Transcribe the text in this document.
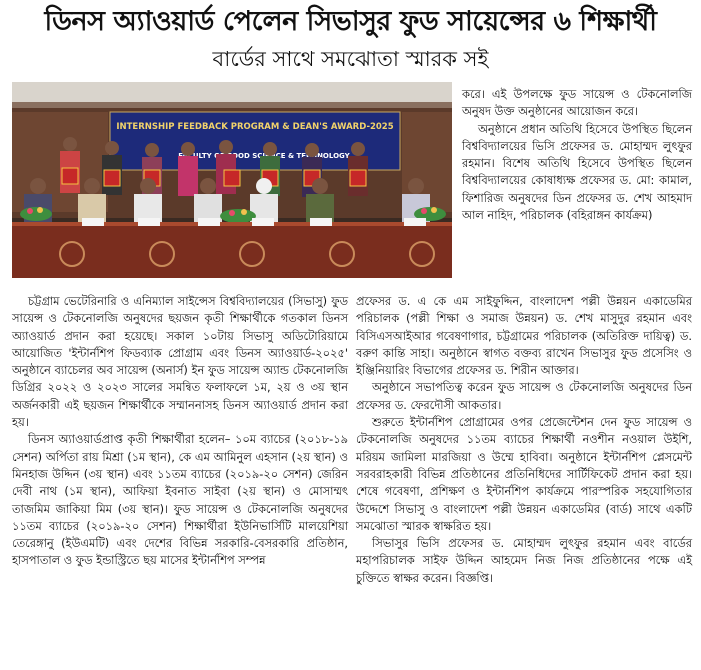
ডিনস অ্যাওয়ার্ড পেলেন সিভাসুর ফুড সায়েন্সের ৬ শিক্ষার্থী
বার্ডের সাথে সমঝোতা স্মারক সই
INTERNSHIP FEEDBACK PROGRAM & DEAN'S AWARD-2025
FOOD & TECHNOLOGY

করে। এই উপলক্ষে ফুড সায়েন্স ও টেকনোলজি অনুষদ উক্ত অনুষ্ঠানের আয়োজন করে।

অনুষ্ঠানে প্রধান অতিথি হিসেবে উপস্থিত ছিলেন বিশ্ববিদ্যালয়ের ভিসি প্রফেসর ড. মোহাম্মদ লুৎফুর রহমান। বিশেষ অতিথি হিসেবে উপস্থিত ছিলেন বিশ্ববিদ্যালয়ের কোষাধ্যক্ষ প্রফেসর ড. মো: কামাল, ফিশারিজ অনুষদের ডিন প্রফেসর ড. শেখ আহমাদ আল নাহিদ, পরিচালক (বহিরাঙ্গন কার্যক্রম)

চট্টগ্রাম ভেটেরিনারি ও এনিম্যাল সাইন্সেস বিশ্ববিদ্যালয়ের (সিভাসু) ফুড সায়েন্স ও টেকনোলজি অনুষদের ছয়জন কৃতী শিক্ষার্থীকে গতকাল ডিনস অ্যাওয়ার্ড প্রদান করা হয়েছে। সকাল ১০টায় সিভাসু অডিটোরিয়ামে আয়োজিত 'ইন্টার্নশিপ ফিডব্যাক প্রোগ্রাম এবং ডিনস অ্যাওয়ার্ড-২০২৫' অনুষ্ঠানে ব্যাচেলর অব সায়েন্স (অনার্স) ইন ফুড সায়েন্স অ্যান্ড টেকনোলজি ডিগ্রির ২০২২ ও ২০২৩ সালের সমন্বিত ফলাফলে ১ম, ২য় ও ৩য় স্থান অর্জনকারী এই ছয়জন শিক্ষার্থীকে সম্মাননাসহ ডিনস অ্যাওয়ার্ড প্রদান করা হয়।

ডিনস অ্যাওয়ার্ডপ্রাপ্ত কৃতী শিক্ষার্থীরা হলেন– ১০ম ব্যাচের (২০১৮-১৯ সেশন) অর্পিতা রায় মিশ্রা (১ম স্থান), কে এম আমিনুল এহসান (২য় স্থান) ও মিনহাজ উদ্দিন (৩য় স্থান) এবং ১১তম ব্যাচের (২০১৯-২০ সেশন) জেরিন দেবী নাথ (১ম স্থান), আফিয়া ইবনাত সাইবা (২য় স্থান) ও মোসাম্মৎ তাজমিম জাকিয়া মিম (৩য় স্থান)। ফুড সায়েন্স ও টেকনোলজি অনুষদের ১১তম ব্যাচের (২০১৯-২০ সেশন) শিক্ষার্থীরা ইউনিভার্সিটি মালয়েশিয়া তেরেঙ্গানু (ইউএমটি) এবং দেশের বিভিন্ন সরকারি-বেসরকারি প্রতিষ্ঠান, হাসপাতাল ও ফুড ইন্ডাস্ট্রিতে ছয় মাসের ইন্টার্নশিপ সম্পন্ন

প্রফেসর ড. এ কে এম সাইফুদ্দিন, বাংলাদেশ পল্লী উন্নয়ন একাডেমির পরিচালক (পল্লী শিক্ষা ও সমাজ উন্নয়ন) ড. শেখ মাসুদুর রহমান এবং বিসিএসআইআর গবেষণাগার, চট্টগ্রামের পরিচালক (অতিরিক্ত দায়িত্ব) ড. বরুণ কান্তি সাহা। অনুষ্ঠানে স্বাগত বক্তব্য রাখেন সিভাসুর ফুড প্রসেসিং ও ইঞ্জিনিয়ারিং বিভাগের প্রফেসর ড. শিরীন আক্তার।

অনুষ্ঠানে সভাপতিত্ব করেন ফুড সায়েন্স ও টেকনোলজি অনুষদের ডিন প্রফেসর ড. ফেরদৌসী আকতার।

শুরুতে ইন্টার্নশিপ প্রোগ্রামের ওপর প্রেজেন্টেশন দেন ফুড সায়েন্স ও টেকনোলজি অনুষদের ১১তম ব্যাচের শিক্ষার্থী নওশীন নওয়াল উইশি, মরিয়ম জামিলা মারজিয়া ও উম্মে হাবিবা। অনুষ্ঠানে ইন্টার্নশিপ প্লেসমেন্ট সরবরাহকারী বিভিন্ন প্রতিষ্ঠানের প্রতিনিধিদের সার্টিফিকেট প্রদান করা হয়। শেষে গবেষণা, প্রশিক্ষণ ও ইন্টার্নশিপ কার্যক্রমে পারস্পরিক সহযোগিতার উদ্দেশে সিভাসু ও বাংলাদেশ পল্লী উন্নয়ন একাডেমির (বার্ড) সাথে একটি সমঝোতা স্মারক স্বাক্ষরিত হয়।

সিভাসুর ভিসি প্রফেসর ড. মোহাম্মদ লুৎফুর রহমান এবং বার্ডের মহাপরিচালক সাইফ উদ্দিন আহমেদ নিজ নিজ প্রতিষ্ঠানের পক্ষে এই চুক্তিতে স্বাক্ষর করেন। বিজ্ঞপ্তি।
